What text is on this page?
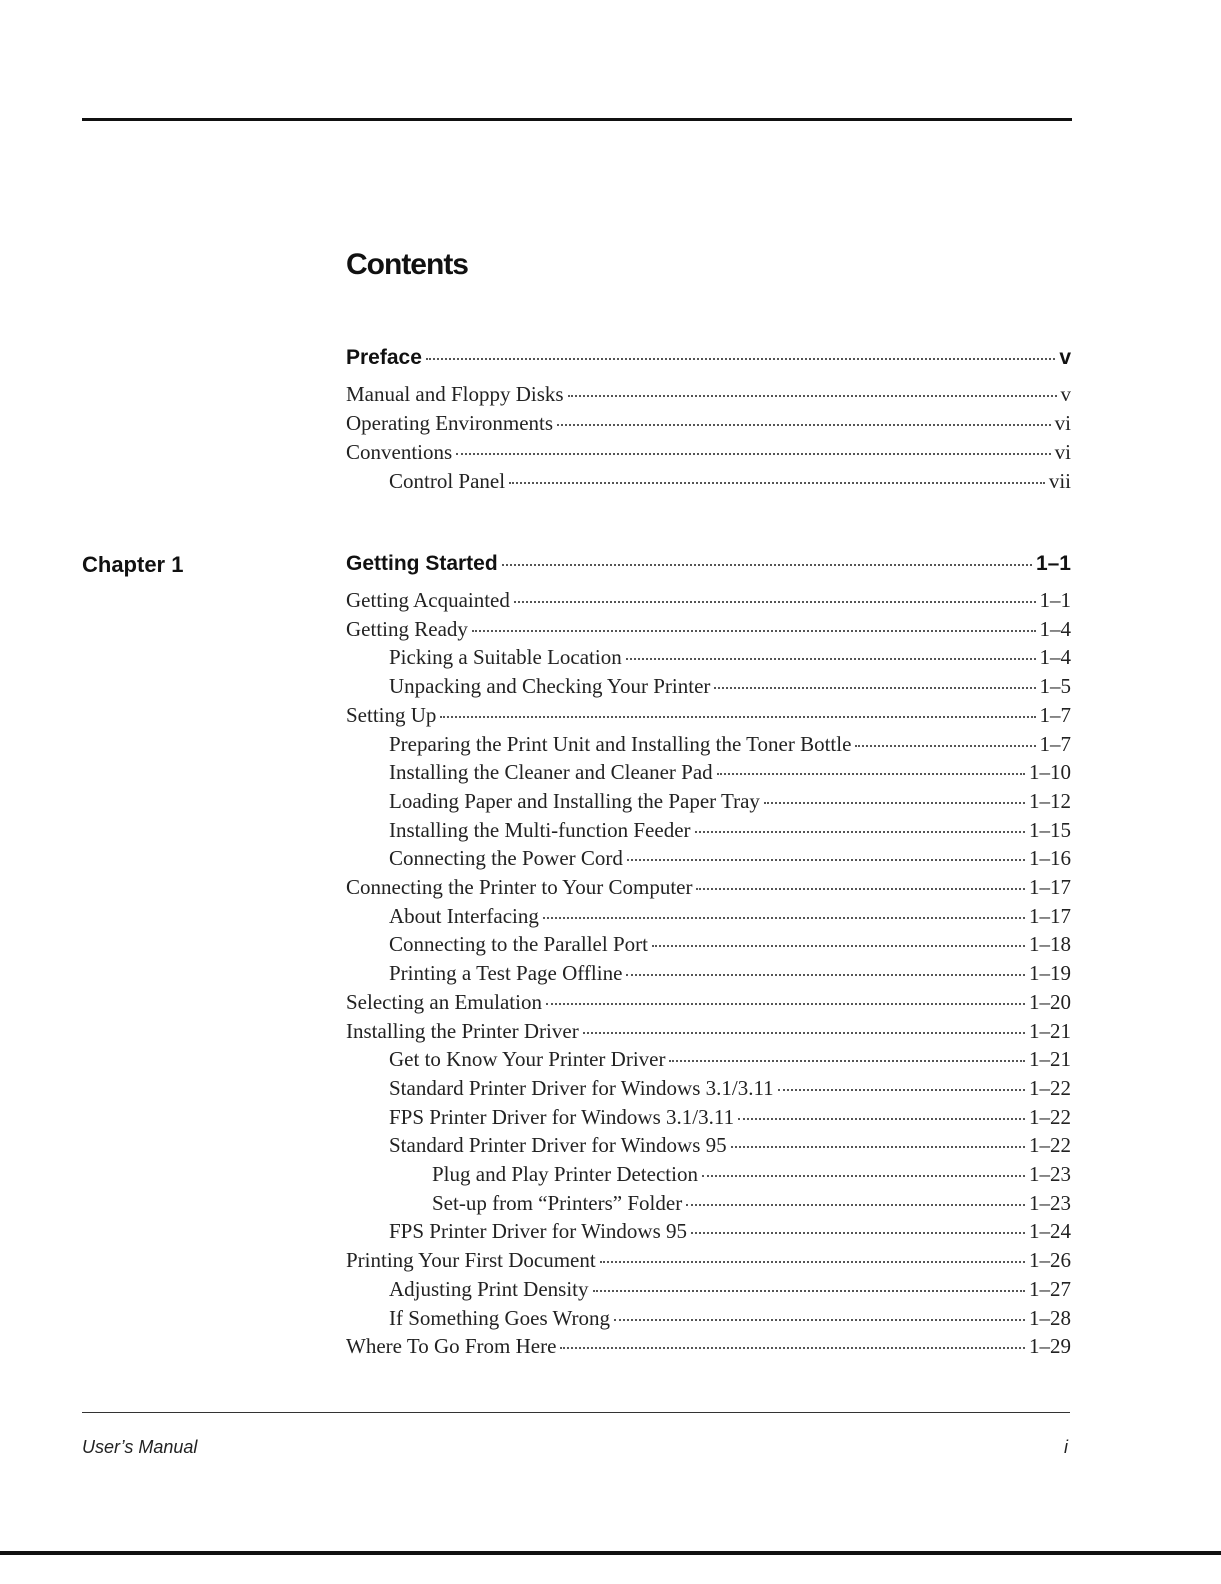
Contents
Chapter 1
Preface	v
Manual and Floppy Disks	v
Operating Environments	vi
Conventions	vi
Control Panel	vii
Getting Started	1–1
Getting Acquainted	1–1
Getting Ready	1–4
Picking a Suitable Location	1–4
Unpacking and Checking Your Printer	1–5
Setting Up	1–7
Preparing the Print Unit and Installing the Toner Bottle	1–7
Installing the Cleaner and Cleaner Pad	1–10
Loading Paper and Installing the Paper Tray	1–12
Installing the Multi-function Feeder	1–15
Connecting the Power Cord	1–16
Connecting the Printer to Your Computer	1–17
About Interfacing	1–17
Connecting to the Parallel Port	1–18
Printing a Test Page Offline	1–19
Selecting an Emulation	1–20
Installing the Printer Driver	1–21
Get to Know Your Printer Driver	1–21
Standard Printer Driver for Windows 3.1/3.11	1–22
FPS Printer Driver for Windows 3.1/3.11	1–22
Standard Printer Driver for Windows 95	1–22
Plug and Play Printer Detection	1–23
Set-up from “Printers” Folder	1–23
FPS Printer Driver for Windows 95	1–24
Printing Your First Document	1–26
Adjusting Print Density	1–27
If Something Goes Wrong	1–28
Where To Go From Here	1–29
User’s Manual	i
